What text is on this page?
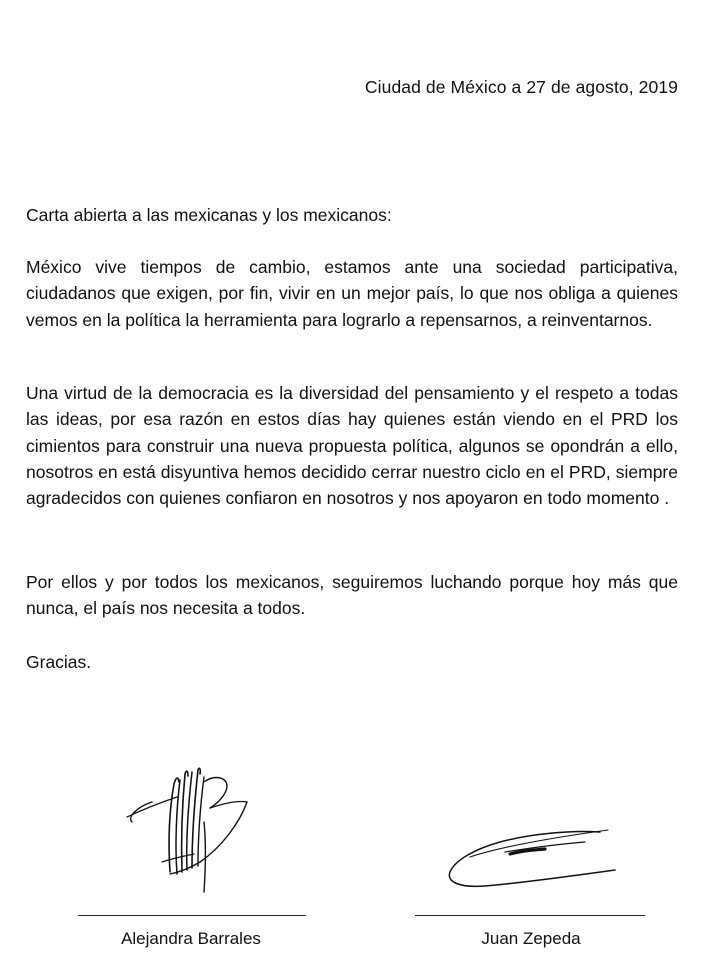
Ciudad de México a 27 de agosto, 2019

Carta abierta a las mexicanas y los mexicanos:

México vive tiempos de cambio, estamos ante una sociedad participativa, ciudadanos que exigen, por fin, vivir en un mejor país, lo que nos obliga a quienes vemos en la política la herramienta para lograrlo a repensarnos, a reinventarnos.

Una virtud de la democracia es la diversidad del pensamiento y el respeto a todas las ideas, por esa razón en estos días hay quienes están viendo en el PRD los cimientos para construir una nueva propuesta política, algunos se opondrán a ello, nosotros en está disyuntiva hemos decidido cerrar nuestro ciclo en el PRD, siempre agradecidos con quienes confiaron en nosotros y nos apoyaron en todo momento .

Por ellos y por todos los mexicanos, seguiremos luchando porque hoy más que nunca, el país nos necesita a todos.

Gracias.

Alejandra Barrales	Juan Zepeda
